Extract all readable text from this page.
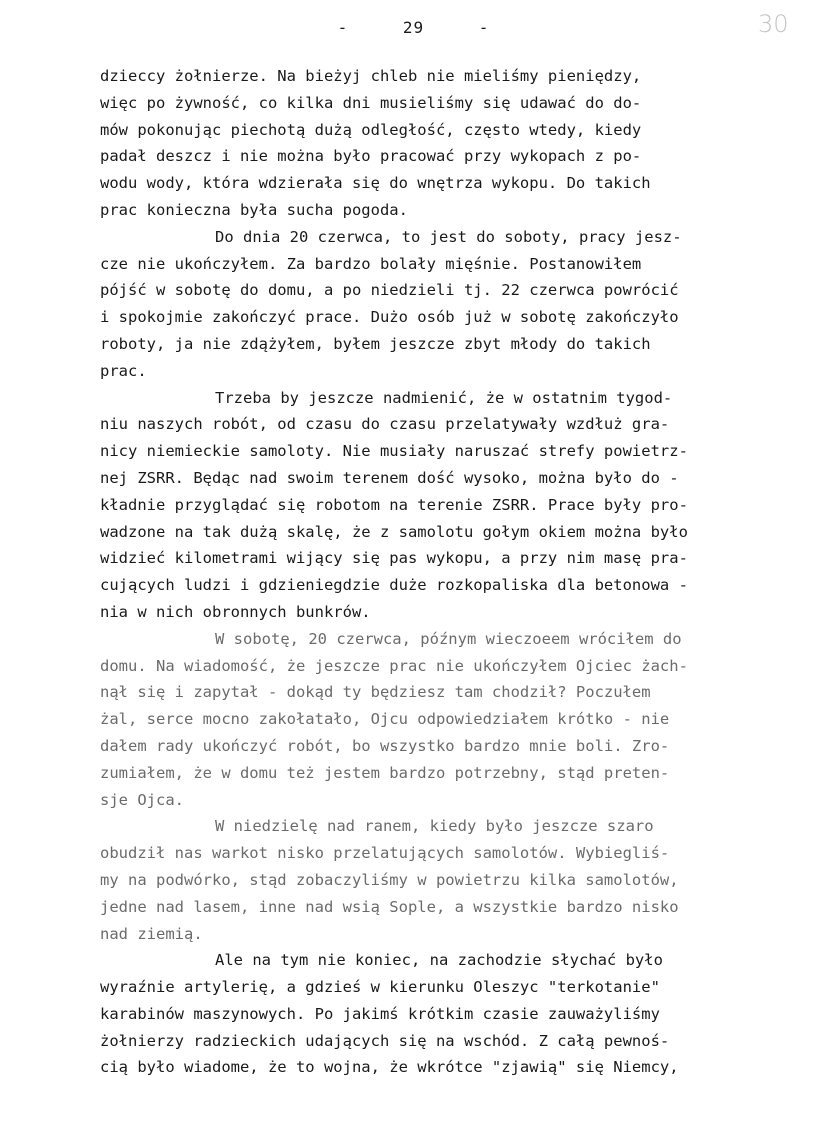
-	29	-	30

dzieccy żołnierze. Na bieżyj chleb nie mieliśmy pieniędzy,
więc po żywność, co kilka dni musieliśmy się udawać do do-
mów pokonując piechotą dużą odległość, często wtedy, kiedy
padał deszcz i nie można było pracować przy wykopach z po-
wodu wody, która wdzierała się do wnętrza wykopu. Do takich
prac konieczna była sucha pogoda.

Do dnia 20 czerwca, to jest do soboty, pracy jesz-
cze nie ukończyłem. Za bardzo bolały mięśnie. Postanowiłem
pójść w sobotę do domu, a po niedzieli tj. 22 czerwca powrócić
i spokojmie zakończyć prace. Dużo osób już w sobotę zakończyło
roboty, ja nie zdążyłem, byłem jeszcze zbyt młody do takich
prac.

Trzeba by jeszcze nadmienić, że w ostatnim tygod-
niu naszych robót, od czasu do czasu przelatywały wzdłuż gra-
nicy niemieckie samoloty. Nie musiały naruszać strefy powietrz-
nej ZSRR. Będąc nad swoim terenem dość wysoko, można było do -
kładnie przyglądać się robotom na terenie ZSRR. Prace były pro-
wadzone na tak dużą skalę, że z samolotu gołym okiem można było
widzieć kilometrami wijący się pas wykopu, a przy nim masę pra-
cujących ludzi i gdzieniegdzie duże rozkopaliska dla betonowa -
nia w nich obronnych bunkrów.

W sobotę, 20 czerwca, późnym wieczoeem wróciłem do
domu. Na wiadomość, że jeszcze prac nie ukończyłem Ojciec żach-
nął się i zapytał - dokąd ty będziesz tam chodził? Poczułem
żal, serce mocno zakołatało, Ojcu odpowiedziałem krótko - nie
dałem rady ukończyć robót, bo wszystko bardzo mnie boli. Zro-
zumiałem, że w domu też jestem bardzo potrzebny, stąd preten-
sje Ojca.

W niedzielę nad ranem, kiedy było jeszcze szaro
obudził nas warkot nisko przelatujących samolotów. Wybiegliś-
my na podwórko, stąd zobaczyliśmy w powietrzu kilka samolotów,
jedne nad lasem, inne nad wsią Sople, a wszystkie bardzo nisko
nad ziemią.

Ale na tym nie koniec, na zachodzie słychać było
wyraźnie artylerię, a gdzieś w kierunku Oleszyc "terkotanie"
karabinów maszynowych. Po jakimś krótkim czasie zauważyliśmy
żołnierzy radzieckich udających się na wschód. Z całą pewnoś-
cią było wiadome, że to wojna, że wkrótce "zjawią" się Niemcy,
